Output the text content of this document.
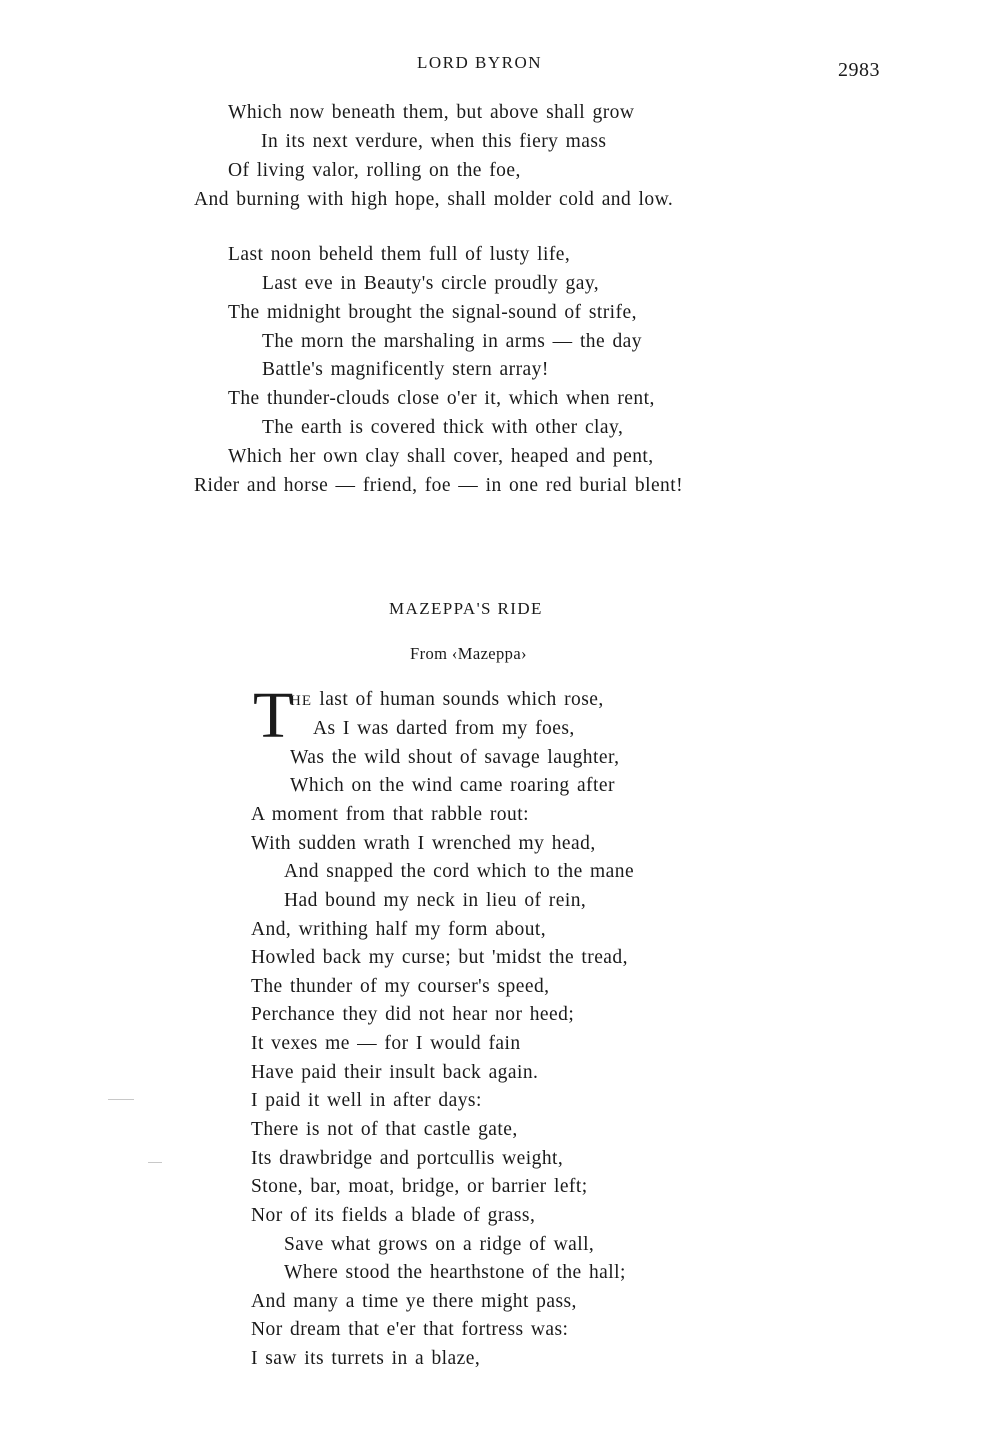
LORD BYRON	2983
Which now beneath them, but above shall grow
In its next verdure, when this fiery mass
Of living valor, rolling on the foe,
And burning with high hope, shall molder cold and low.
Last noon beheld them full of lusty life,
Last eve in Beauty's circle proudly gay,
The midnight brought the signal-sound of strife,
The morn the marshaling in arms — the day
Battle's magnificently stern array!
The thunder-clouds close o'er it, which when rent,
The earth is covered thick with other clay,
Which her own clay shall cover, heaped and pent,
Rider and horse — friend, foe — in one red burial blent!
MAZEPPA'S RIDE
From ‹Mazeppa›
T
HE last of human sounds which rose,
As I was darted from my foes,
Was the wild shout of savage laughter,
Which on the wind came roaring after
A moment from that rabble rout:
With sudden wrath I wrenched my head,
And snapped the cord which to the mane
Had bound my neck in lieu of rein,
And, writhing half my form about,
Howled back my curse; but 'midst the tread,
The thunder of my courser's speed,
Perchance they did not hear nor heed;
It vexes me — for I would fain
Have paid their insult back again.
I paid it well in after days:
There is not of that castle gate,
Its drawbridge and portcullis weight,
Stone, bar, moat, bridge, or barrier left;
Nor of its fields a blade of grass,
Save what grows on a ridge of wall,
Where stood the hearthstone of the hall;
And many a time ye there might pass,
Nor dream that e'er that fortress was:
I saw its turrets in a blaze,
